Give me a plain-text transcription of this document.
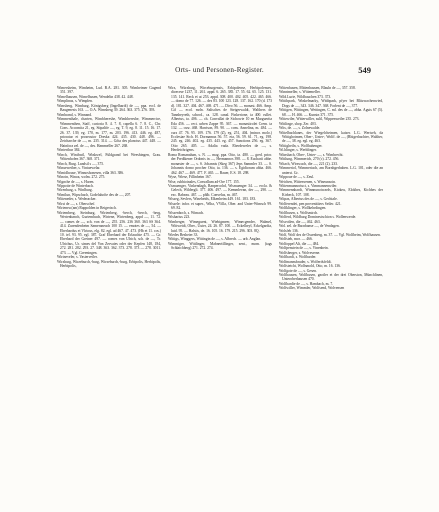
Orts- und Personen-Register.	549

Wimersheim, Wimheim, Lud. B.A. 281. 305. Wimheimer Gugend 351. 397.

Wimelhausen, Wimelhusen, Wendelin 438. 42. 448.

Wimplinus, s. Wimplen.

Wimsberg, Wimburg, Königsberg (Ingelhardt) de —, ppa. eccl. de Baugenesis 163. — O.A. Wimsberg 39. 264. 363. 375. 276. 393.

Wimbrand, s. Winnand.

Wimmenthale, charten, Wimbhereshe, Wimbhereshe, Wimmerrice, Wimmenthen, Staff, curtoria 8. 4. 7. 8, capella 6. 7. 8. C., Chr. Cons. Accomita 21, eg. Stipaltfe —, eg. T. 9, eg. 8. 11. 15. 16. 17. 26. 37. 139, eg. 170, m. 177, m. 203. 196. 413. 446. eg. 487, prioratur et prosecutor Dreska 424. 435. 430. 448. 496. — Zeicharche de —, m. 235. 314. — Gôta des planctus 447. 448. — Hainfora zel. de —, des. Hammeller 267. 268.

Winterthur 384.

Winch, Winthwil, Winkwel, Füldgrand bei Weeshingen, Grau. Wittenhofen 367. 368. 371.

Winch, Burg. Landsil s —, 375.

Winuewether, s. Vintuewelar.

Wimidhouse, Winnoshonesen, villa 363. 386.

Winoin, Winoa, wolm. 272. 275.

Wignche de —, s. Haren.

Wippotte de Winterbach.

Wirenburg, s. Winlburg.

Wimilun, Wipschach, Godelahofte des de —, 207.

Wiiteneder, s. Wederacker.

Wirst de —, s. Oberschef.

Wirteneu (am) Rappolden in Reigerisch.

Wirtemberg, Steinburg, Wirtenberg, -berch, -berch, -berg, Wertenbanch, Gurtemhuch, Wirtene, Wirtenberg, appd —, 11. 72. — comes de —, sch. von de —, 255. 256. 236 360. 363 SS 364. 414. Zurendenbeim Sameraneach 100 15. — emotes de —, 54. — Eberhardus et Vlrious, elg. 82. egl. ad 467. 47. 473. (Hb et 11. cos.) 10. iel. 93. 95. egl. 387. Graf Eberhard der Erlauchte 475. — Gr. Eberhard der Greiner 497. — comes von Ulrich, sch. de —, Tr. Ulrichus, Ur. simes del Von Zervaies oder der Kepfen 148, 184, 272. 281. 282. 293. 27. 348. 363. 362. 373. 278. 373 — 278. 3011. 473. — Vgl. Greeningen.

Wirtneveler, s. Vasterveiler.

Wirzburg, Wirzeburch,-burg, Wirxeburch,-burg, Erbipolis, Herbipolis, Herbipolis,

Wirz, Würzburg, Wirceburgensis, Erbipolense, Herbipolenses, dioecese 1237, 11. 261. appd. 6. 265. 385. 17. 55. 62. 65. 125. 131. 135. 141. Reck et ut 253. appd. 308. 400. 402. 405. 422. 465. 466. — domo de 77. 126. — des 83. 100 123. 128. 137. 162. 170 (d. 173 d). 181. 327. 404. 467. 469. 471. — Divo 56. — monast. 466. Amp. Gif — ecol. mrln. Salisches de Steigerwaldt, Walthers de Tannheyreth, schrod., ca. 128. canal. Finkerione, ia 400. rullet. Albertus, ta. 406. — ch. Convallat de Sichowie 10 en Marguerita Eda 456. — rect. urben Zappe 95. 367. — monastirolet Crem. ia 132. — cusr. 468. Harrison, 89. 90. — cons. Annelina, m. 484. — curs 47. 76. 95. 109. 176. 179 (Z), eg. 251, 404. (minor. molo.) Ecclesiae Sich. H. Dormamus 56. 57. eta, 56. 59. 61. 71, eg. 198. 245. eg. 246. 402. eg. 435. 443. eg. 457. Sanctions 256. eg. 367. Otto 265. 405. — Adalia vada. Eberdeweles de —, s. Herdetchrigens.

Roma Romanalum, s. N. — mag. ppa. Otto, ia. 480. — gred. prior. der Predikener Ordonis in —, Hermannos 398. — 8. Eucharii abbe. monaster de —, s. S. Johannis (Skeg 367) Jeps Sammler 33. — S. Johannis domo procher Otto, ia. 136. — s. Egidiorum abba. 466. 462. 467 — 469. 477. F. 465. — Bauer, E.S. 18. 298.

Wyse, Wiese, Fillinheim 167.

Wise, rubbioinales, Convallum ad-Ore 177. 155.

Vismuenger, Vinkendagh, Ranpercohd, Wismuenger 34. — eccla. & Gelech, Wildergli. 377. 406. 497. — Kemmlevan, der —, 290. — exc. Rabeau. 467. — phlb. Convelus, m. 467.

Wisseg, Sevlers, Wineheids, Elkenheim 449. 161. 183. 183.

Wissele: infor. et super., Wiha, VVilla, Ober. and Unter-Wimsch 99. 69. 82.

Wissenboch, s. Wimach.

Wisharius 223.

Wimberger, Wimeguent, Wiebigmeer, Wimecgender, Walmel, Wittweidt, Ober., Uuter, 24. 26. 87. 100. — Eckelheyl, Eckelgardia, lutd. 95. — Halstis, de. 16. 105. 16. 179. 215. 296. 303. 8Q.

Wiedes Besheier 33.

Wittigs, Winggers, Wittingin de —, s. Albrech. — urb. Anglan.

Wimmiger, Wittlinger, Mabnertillinger, zent., mom. (tags Schlaichberg) 271. 272. 274.

Wittenhusen, Mittenhausen, Blauln de —, 357. 358.

Winntmeller, s. Wittemeller.

Wild.Lurie, Wildbauchen 373. 373.

Wittibpark, Winkelmarky, Wittbpark, pfyer bei Blitzwachenwied, Dogs de —, 343. 346. 347. 368. Forlent de —, 377.

Wittigen, Wittingen, Wettingen, C. ml. des de —, abba. Aguis 67 (5). 68. — H. 466. — Kunstn 371. 375.

Wittewiler, Witterwiller, sultl, Wippenweiler 235. 273.

Wittlinge, shop. Zer. 403.

Wits, de. —, s. Zolnewalde.

Wittelbachlanes, der Wtegelcheimen, kaiser. L.G. Wertseh, da Wittighoimen, Ober-, Unter-, Wolff. de —, (Rhigerhachter, Walther, de —, 38. eg. egl. eg. 463.

Wittigheiln, s. Wolfhuhenger.

Wi.hlinger, s. Werblinger.

Wiinsbach, Ober-, Unter- —, s. Wimbrecht.

Wittlung, Wimmerich, 270 (c). 272. 456.

Witach, Wirswach, die —, 221 (2). 233.

Wimmeriol, Wimmeriach, am Bornhgerhaben. L.G. 101, oder die an unterst. Gr.

Wippoue de —, s. Zeul.

Weichen, Wittenvenen, s. Wineunsoin.

Wittenmunnoriuct, s. Vimmannenwiler.

Wimmennhardt, Winnnunoiwards, Kiokeu, Elokbes, Kichbes der Kirbeck, 107. 108.

Wiipas, Albertus des de —, s. Gechtale.

Wolferendei, pen provenitiiers Seiler. 421.

Wolfklinger, s. Wollkehrdingen.

Wolfhusen, s. Wolfsmirch.

Wolferd, Wildburg Dominestschion s. Wollenwerde.

Wisvoilen, die —, 462. 463.

Wol. zel. de Bacnbanse —, de Vendagen.

Wolsfeb 136.

Wolf, Wolf des de Ossenberg, m. 37. — Vgl. Wolfheim, Wolfhausen.

Wolfsteh, mor. — 466.

Wolfoppel Alt, die —, 484.

Wolfpenstein de —, s. Vinenbein.

Wolfsberger, s. Wolveserne.

Wolfhardi, s. Wolfharder.

Wolfmannsbruder, s. Wolferdsfeldt.

Wolfsteicht, Wolfsmold, Otto, m. 16. 136.

Wolfgote de —, s. Gesen.

Wolfhausen, Wolfhusen, gaotler et der drei Oberston, Münchlinen, Unteroberhausen 470.

Wolfhardie de —, s. Hambach, m. 7.

Wolfwiller, Wimmler, Wolfsend, Wolvensen
